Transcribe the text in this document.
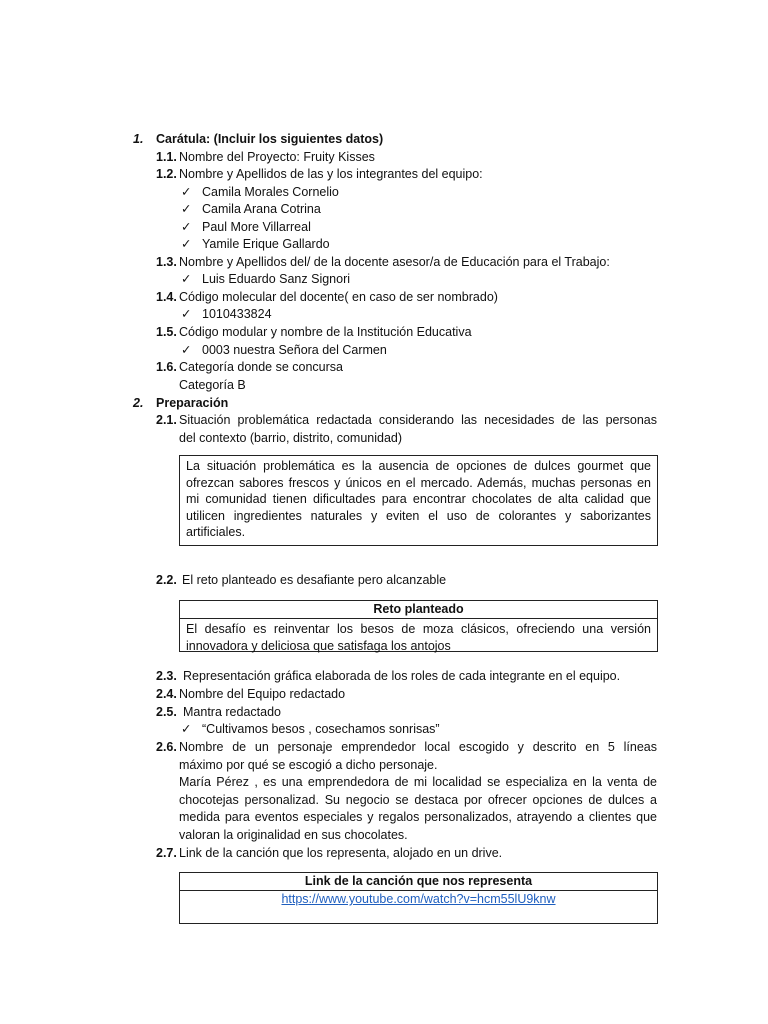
1. Carátula: (Incluir los siguientes datos)
1.1. Nombre del Proyecto: Fruity Kisses
1.2. Nombre y Apellidos de las y los integrantes del equipo:
✓ Camila Morales Cornelio
✓ Camila Arana Cotrina
✓ Paul More Villarreal
✓ Yamile Erique Gallardo
1.3. Nombre y Apellidos del/ de la docente asesor/a de Educación para el Trabajo:
✓ Luis Eduardo Sanz Signori
1.4. Código molecular del docente( en caso de ser nombrado)
✓ 1010433824
1.5. Código modular y nombre de la Institución Educativa
✓ 0003 nuestra Señora del Carmen
1.6. Categoría donde se concursa
Categoría B
2. Preparación
2.1. Situación problemática redactada considerando las necesidades de las personas
del contexto (barrio, distrito, comunidad)
La situación problemática es la ausencia de opciones de dulces gourmet que
ofrezcan sabores frescos y únicos en el mercado. Además, muchas personas en
mi comunidad tienen dificultades para encontrar chocolates de alta calidad que
utilicen ingredientes naturales y eviten el uso de colorantes y saborizantes
artificiales.
2.2. El reto planteado es desafiante pero alcanzable
Reto planteado
El desafío es reinventar los besos de moza clásicos, ofreciendo una versión
innovadora y deliciosa que satisfaga los antojos
2.3. Representación gráfica elaborada de los roles de cada integrante en el equipo.
2.4. Nombre del Equipo redactado
2.5. Mantra redactado
✓ “Cultivamos besos , cosechamos sonrisas”
2.6. Nombre de un personaje emprendedor local escogido y descrito en 5 líneas
máximo por qué se escogió a dicho personaje.
María Pérez , es una emprendedora de mi localidad se especializa en la venta de
chocotejas personalizad. Su negocio se destaca por ofrecer opciones de dulces a
medida para eventos especiales y regalos personalizados, atrayendo a clientes que
valoran la originalidad en sus chocolates.
2.7. Link de la canción que los representa, alojado en un drive.
Link de la canción que nos representa
https://www.youtube.com/watch?v=hcm55lU9knw
